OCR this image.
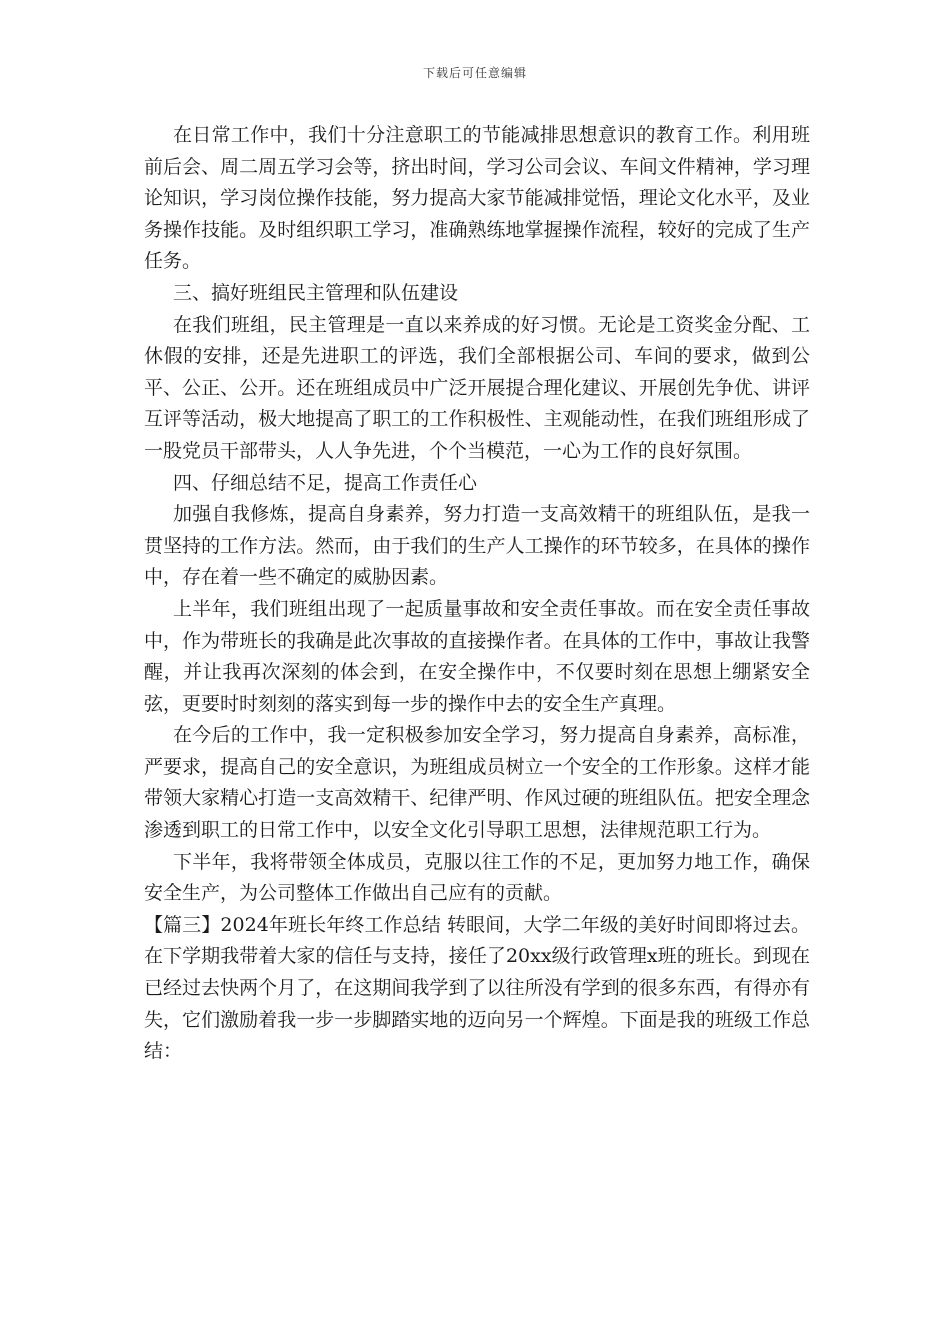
下载后可任意编辑

在日常工作中，我们十分注意职工的节能减排思想意识的教育工作。利用班前后会、周二周五学习会等，挤出时间，学习公司会议、车间文件精神，学习理论知识，学习岗位操作技能，努力提高大家节能减排觉悟，理论文化水平，及业务操作技能。及时组织职工学习，准确熟练地掌握操作流程，较好的完成了生产任务。

三、搞好班组民主管理和队伍建设

在我们班组，民主管理是一直以来养成的好习惯。无论是工资奖金分配、工休假的安排，还是先进职工的评选，我们全部根据公司、车间的要求，做到公平、公正、公开。还在班组成员中广泛开展提合理化建议、开展创先争优、讲评互评等活动，极大地提高了职工的工作积极性、主观能动性，在我们班组形成了一股党员干部带头，人人争先进，个个当模范，一心为工作的良好氛围。

四、仔细总结不足，提高工作责任心

加强自我修炼，提高自身素养，努力打造一支高效精干的班组队伍，是我一贯坚持的工作方法。然而，由于我们的生产人工操作的环节较多，在具体的操作中，存在着一些不确定的威胁因素。

上半年，我们班组出现了一起质量事故和安全责任事故。而在安全责任事故中，作为带班长的我确是此次事故的直接操作者。在具体的工作中，事故让我警醒，并让我再次深刻的体会到，在安全操作中，不仅要时刻在思想上绷紧安全弦，更要时时刻刻的落实到每一步的操作中去的安全生产真理。

在今后的工作中，我一定积极参加安全学习，努力提高自身素养，高标准，严要求，提高自己的安全意识，为班组成员树立一个安全的工作形象。这样才能带领大家精心打造一支高效精干、纪律严明、作风过硬的班组队伍。把安全理念渗透到职工的日常工作中，以安全文化引导职工思想，法律规范职工行为。

下半年，我将带领全体成员，克服以往工作的不足，更加努力地工作，确保安全生产，为公司整体工作做出自己应有的贡献。

【篇三】2024年班长年终工作总结 转眼间，大学二年级的美好时间即将过去。在下学期我带着大家的信任与支持，接任了20xx级行政管理x班的班长。到现在已经过去快两个月了，在这期间我学到了以往所没有学到的很多东西，有得亦有失，它们激励着我一步一步脚踏实地的迈向另一个辉煌。下面是我的班级工作总结：
